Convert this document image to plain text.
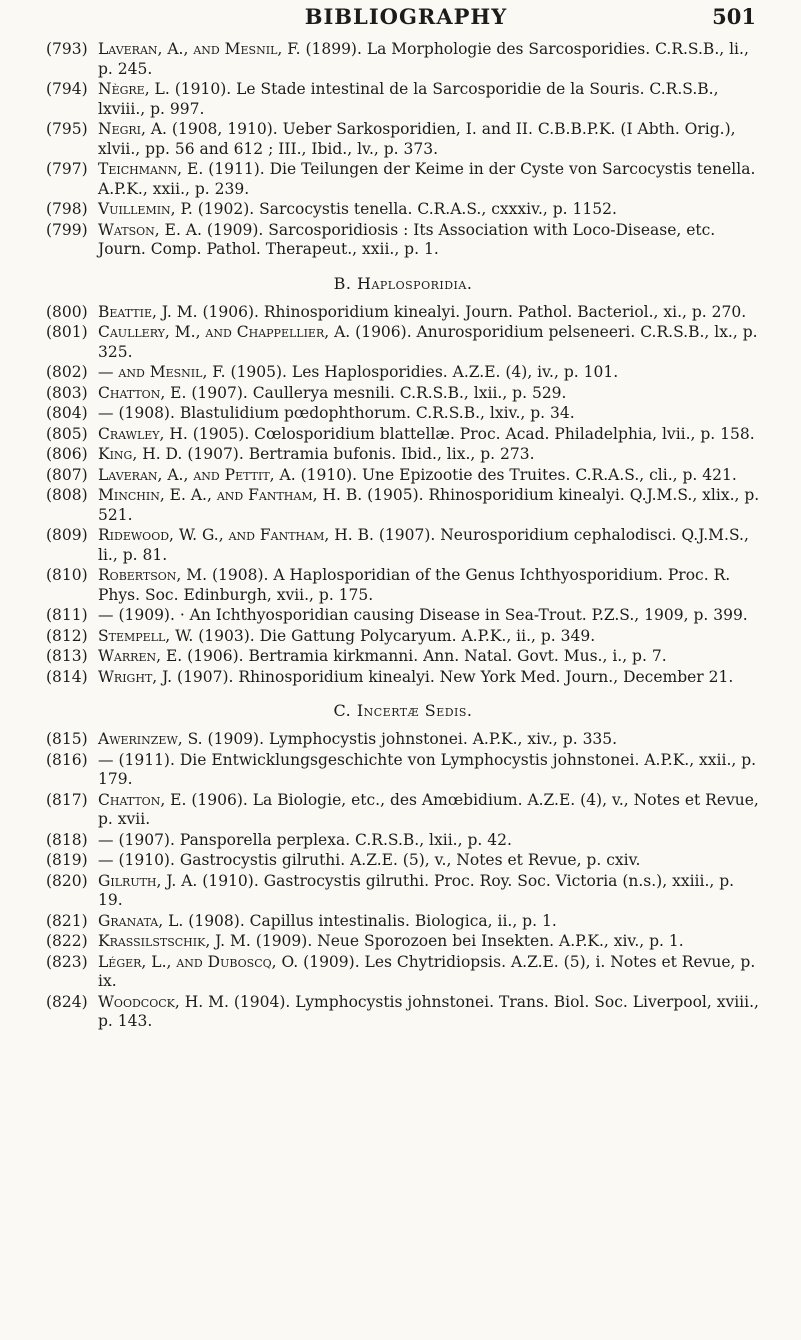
BIBLIOGRAPHY	501
(793) Laveran, A., and Mesnil, F. (1899). La Morphologie des Sarcosporidies. C.R.S.B., li., p. 245.
(794) Nègre, L. (1910). Le Stade intestinal de la Sarcosporidie de la Souris. C.R.S.B., lxviii., p. 997.
(795) Negri, A. (1908, 1910). Ueber Sarkosporidien, I. and II. C.B.B.P.K. (I Abth. Orig.), xlvii., pp. 56 and 612 ; III., Ibid., lv., p. 373.
(797) Teichmann, E. (1911). Die Teilungen der Keime in der Cyste von Sarcocystis tenella. A.P.K., xxii., p. 239.
(798) Vuillemin, P. (1902). Sarcocystis tenella. C.R.A.S., cxxxiv., p. 1152.
(799) Watson, E. A. (1909). Sarcosporidiosis : Its Association with Loco-Disease, etc. Journ. Comp. Pathol. Therapeut., xxii., p. 1.
B. Haplosporidia.
(800) Beattie, J. M. (1906). Rhinosporidium kinealyi. Journ. Pathol. Bacteriol., xi., p. 270.
(801) Caullery, M., and Chappellier, A. (1906). Anurosporidium pelseneeri. C.R.S.B., lx., p. 325.
(802) — and Mesnil, F. (1905). Les Haplosporidies. A.Z.E. (4), iv., p. 101.
(803) Chatton, E. (1907). Caullerya mesnili. C.R.S.B., lxii., p. 529.
(804) — (1908). Blastulidium pœdophthorum. C.R.S.B., lxiv., p. 34.
(805) Crawley, H. (1905). Cœlosporidium blattellæ. Proc. Acad. Philadelphia, lvii., p. 158.
(806) King, H. D. (1907). Bertramia bufonis. Ibid., lix., p. 273.
(807) Laveran, A., and Pettit, A. (1910). Une Epizootie des Truites. C.R.A.S., cli., p. 421.
(808) Minchin, E. A., and Fantham, H. B. (1905). Rhinosporidium kinealyi. Q.J.M.S., xlix., p. 521.
(809) Ridewood, W. G., and Fantham, H. B. (1907). Neurosporidium cephalodisci. Q.J.M.S., li., p. 81.
(810) Robertson, M. (1908). A Haplosporidian of the Genus Ichthyosporidium. Proc. R. Phys. Soc. Edinburgh, xvii., p. 175.
(811) — (1909). · An Ichthyosporidian causing Disease in Sea-Trout. P.Z.S., 1909, p. 399.
(812) Stempell, W. (1903). Die Gattung Polycaryum. A.P.K., ii., p. 349.
(813) Warren, E. (1906). Bertramia kirkmanni. Ann. Natal. Govt. Mus., i., p. 7.
(814) Wright, J. (1907). Rhinosporidium kinealyi. New York Med. Journ., December 21.
C. Incertæ Sedis.
(815) Awerinzew, S. (1909). Lymphocystis johnstonei. A.P.K., xiv., p. 335.
(816) — (1911). Die Entwicklungsgeschichte von Lymphocystis johnstonei. A.P.K., xxii., p. 179.
(817) Chatton, E. (1906). La Biologie, etc., des Amœbidium. A.Z.E. (4), v., Notes et Revue, p. xvii.
(818) — (1907). Pansporella perplexa. C.R.S.B., lxii., p. 42.
(819) — (1910). Gastrocystis gilruthi. A.Z.E. (5), v., Notes et Revue, p. cxiv.
(820) Gilruth, J. A. (1910). Gastrocystis gilruthi. Proc. Roy. Soc. Victoria (n.s.), xxiii., p. 19.
(821) Granata, L. (1908). Capillus intestinalis. Biologica, ii., p. 1.
(822) Krassilstschik, J. M. (1909). Neue Sporozoen bei Insekten. A.P.K., xiv., p. 1.
(823) Léger, L., and Duboscq, O. (1909). Les Chytridiopsis. A.Z.E. (5), i. Notes et Revue, p. ix.
(824) Woodcock, H. M. (1904). Lymphocystis johnstonei. Trans. Biol. Soc. Liverpool, xviii., p. 143.
